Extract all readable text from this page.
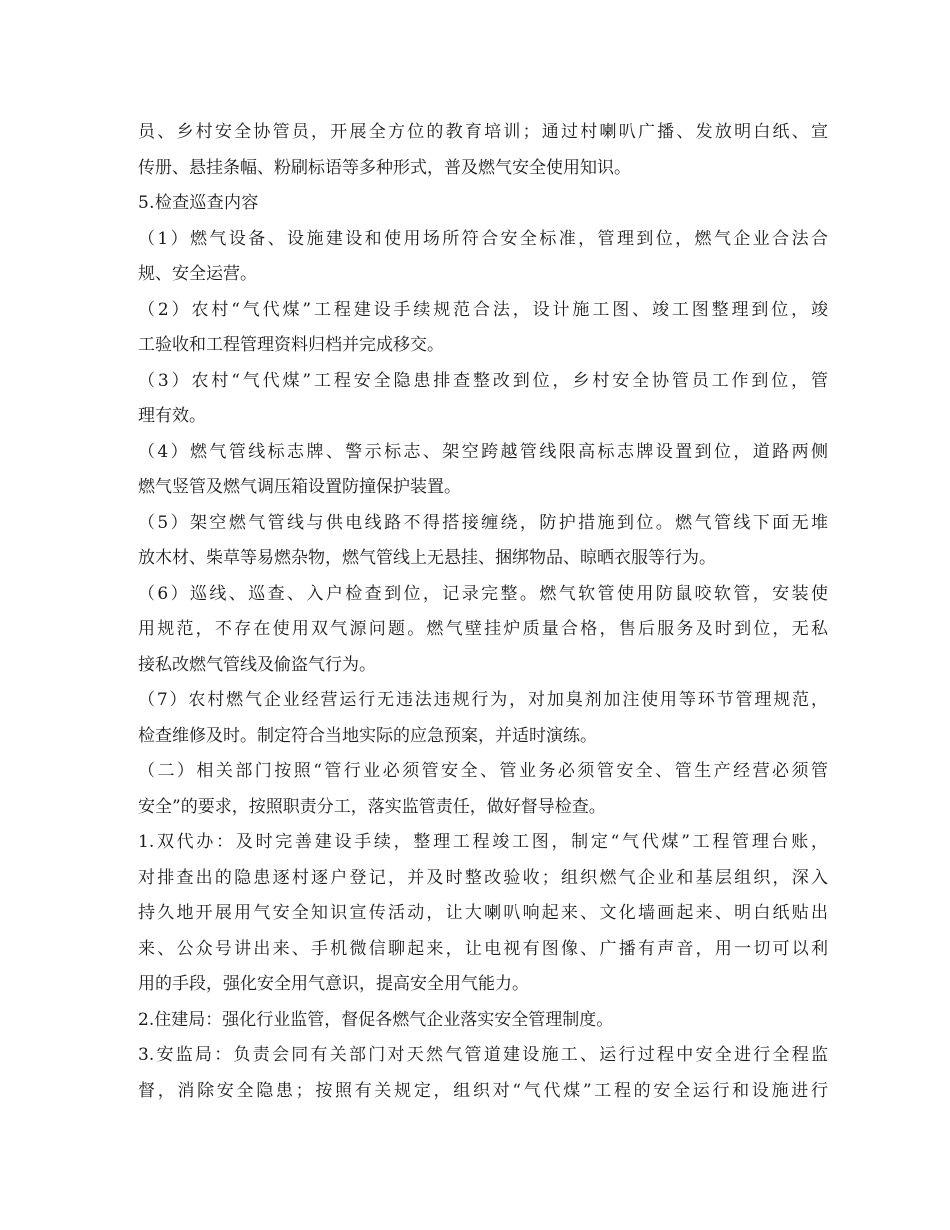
员、乡村安全协管员，开展全方位的教育培训；通过村喇叭广播、发放明白纸、宣
传册、悬挂条幅、粉刷标语等多种形式，普及燃气安全使用知识。
5.检查巡查内容
（1）燃气设备、设施建设和使用场所符合安全标准，管理到位，燃气企业合法合
规、安全运营。
（2）农村“气代煤”工程建设手续规范合法，设计施工图、竣工图整理到位，竣
工验收和工程管理资料归档并完成移交。
（3）农村“气代煤”工程安全隐患排查整改到位，乡村安全协管员工作到位，管
理有效。
（4）燃气管线标志牌、警示标志、架空跨越管线限高标志牌设置到位，道路两侧
燃气竖管及燃气调压箱设置防撞保护装置。
（5）架空燃气管线与供电线路不得搭接缠绕，防护措施到位。燃气管线下面无堆
放木材、柴草等易燃杂物，燃气管线上无悬挂、捆绑物品、晾晒衣服等行为。
（6）巡线、巡查、入户检查到位，记录完整。燃气软管使用防鼠咬软管，安装使
用规范，不存在使用双气源问题。燃气壁挂炉质量合格，售后服务及时到位，无私
接私改燃气管线及偷盗气行为。
（7）农村燃气企业经营运行无违法违规行为，对加臭剂加注使用等环节管理规范，
检查维修及时。制定符合当地实际的应急预案，并适时演练。
（二）相关部门按照“管行业必须管安全、管业务必须管安全、管生产经营必须管
安全”的要求，按照职责分工，落实监管责任，做好督导检查。
1.双代办：及时完善建设手续，整理工程竣工图，制定“气代煤”工程管理台账，
对排查出的隐患逐村逐户登记，并及时整改验收；组织燃气企业和基层组织，深入
持久地开展用气安全知识宣传活动，让大喇叭响起来、文化墙画起来、明白纸贴出
来、公众号讲出来、手机微信聊起来，让电视有图像、广播有声音，用一切可以利
用的手段，强化安全用气意识，提高安全用气能力。
2.住建局：强化行业监管，督促各燃气企业落实安全管理制度。
3.安监局：负责会同有关部门对天然气管道建设施工、运行过程中安全进行全程监
督，消除安全隐患；按照有关规定，组织对“气代煤”工程的安全运行和设施进行
